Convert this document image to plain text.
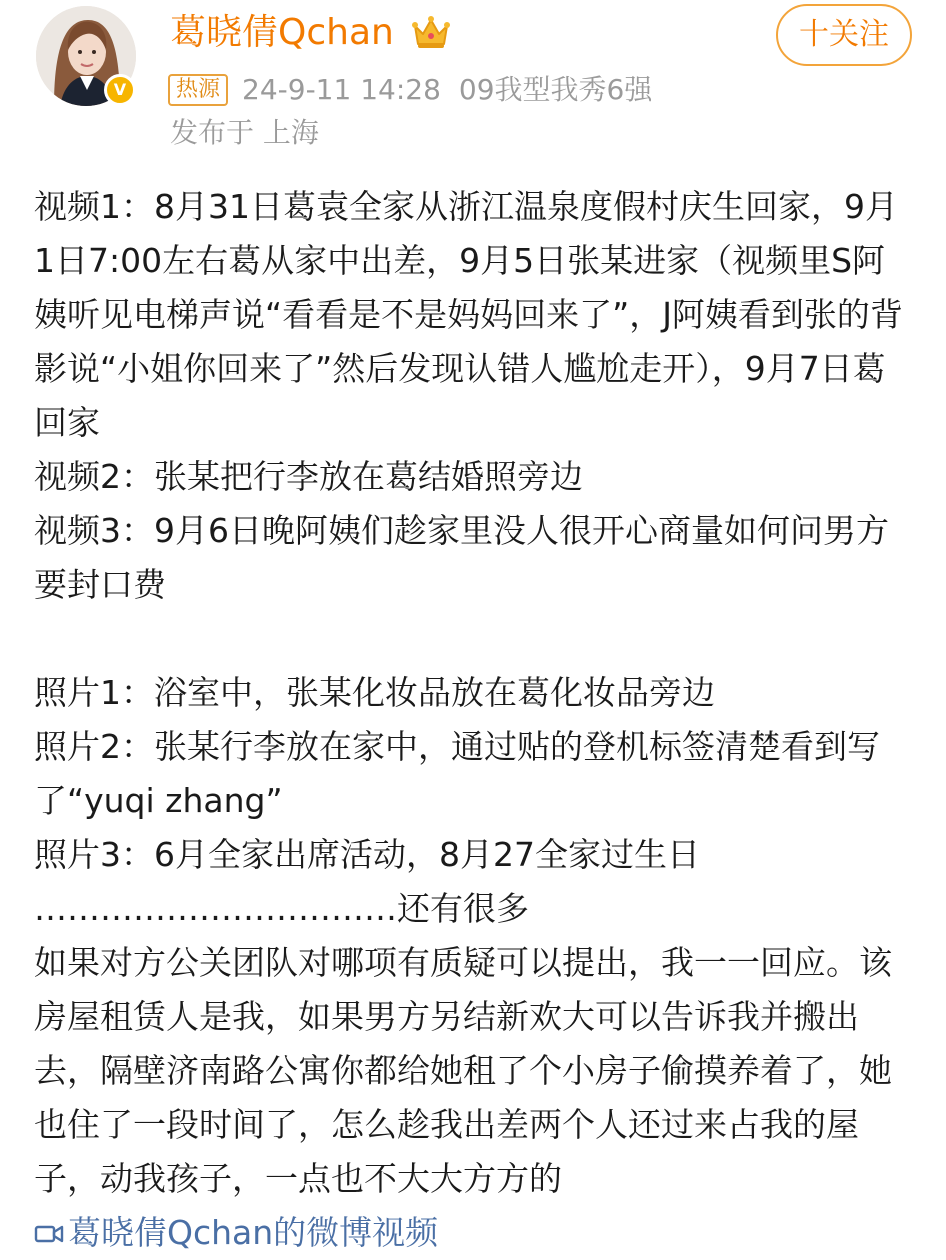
V
葛晓倩Qchan	十关注
热源 24-9-11 14:28 09我型我秀6强
发布于 上海

视频1：8月31日葛袁全家从浙江温泉度假村庆生回家，9月1日7:00左右葛从家中出差，9月5日张某进家（视频里S阿姨听见电梯声说“看看是不是妈妈回来了”，J阿姨看到张的背影说“小姐你回来了”然后发现认错人尴尬走开），9月7日葛回家

视频2：张某把行李放在葛结婚照旁边

视频3：9月6日晚阿姨们趁家里没人很开心商量如何问男方要封口费

照片1：浴室中，张某化妆品放在葛化妆品旁边

照片2：张某行李放在家中，通过贴的登机标签清楚看到写了“yuqi zhang”

照片3：6月全家出席活动，8月27全家过生日

……………………………还有很多

如果对方公关团队对哪项有质疑可以提出，我一一回应。该房屋租赁人是我，如果男方另结新欢大可以告诉我并搬出去，隔壁济南路公寓你都给她租了个小房子偷摸养着了，她也住了一段时间了，怎么趁我出差两个人还过来占我的屋子，动我孩子，一点也不大大方方的 葛晓倩Qchan的微博视频
